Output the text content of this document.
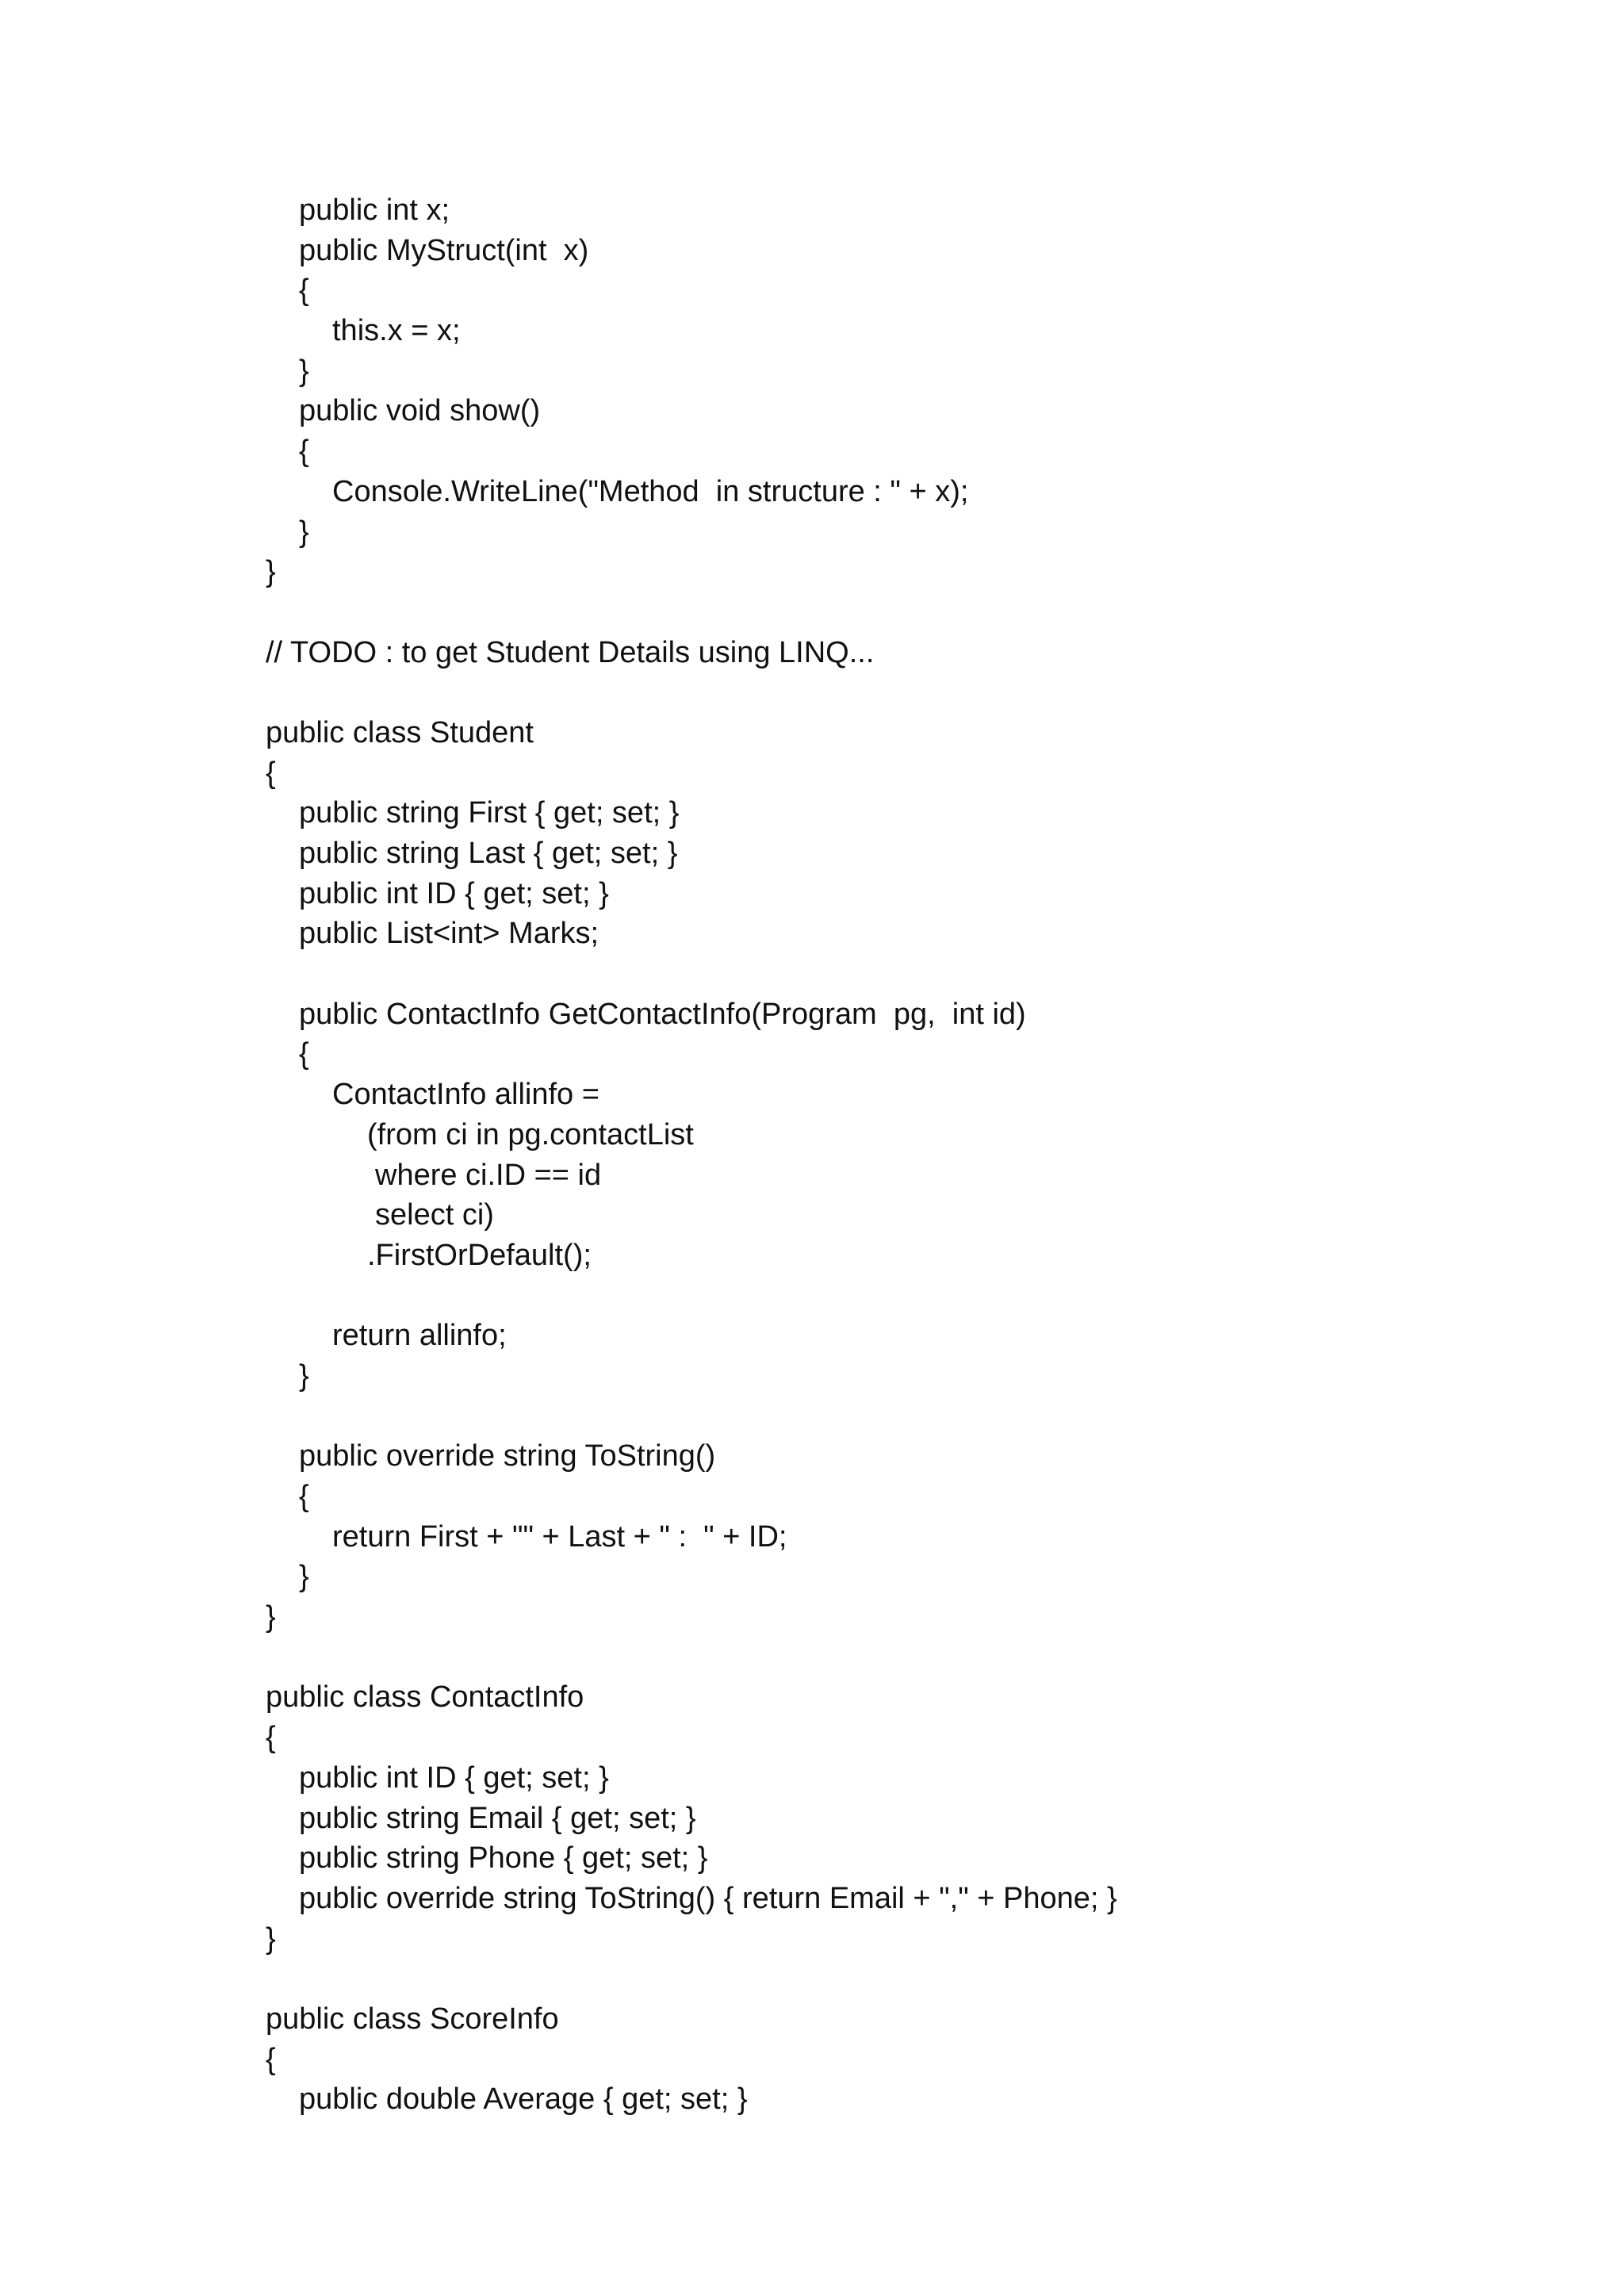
public int x;
public MyStruct(int  x)
{
this.x = x;
}
public void show()
{
Console.WriteLine("Method  in structure : " + x);
}
}
// TODO : to get Student Details using LINQ...
public class Student
{
public string First { get; set; }
public string Last { get; set; }
public int ID { get; set; }
public List<int> Marks;
public ContactInfo GetContactInfo(Program  pg,  int id)
{
ContactInfo allinfo =
(from ci in pg.contactList
where ci.ID == id
select ci)
.FirstOrDefault();
return allinfo;
}
public override string ToString()
{
return First + "" + Last + " :  " + ID;
}
}
public class ContactInfo
{
public int ID { get; set; }
public string Email { get; set; }
public string Phone { get; set; }
public override string ToString() { return Email + "," + Phone; }
}
public class ScoreInfo
{
public double Average { get; set; }
